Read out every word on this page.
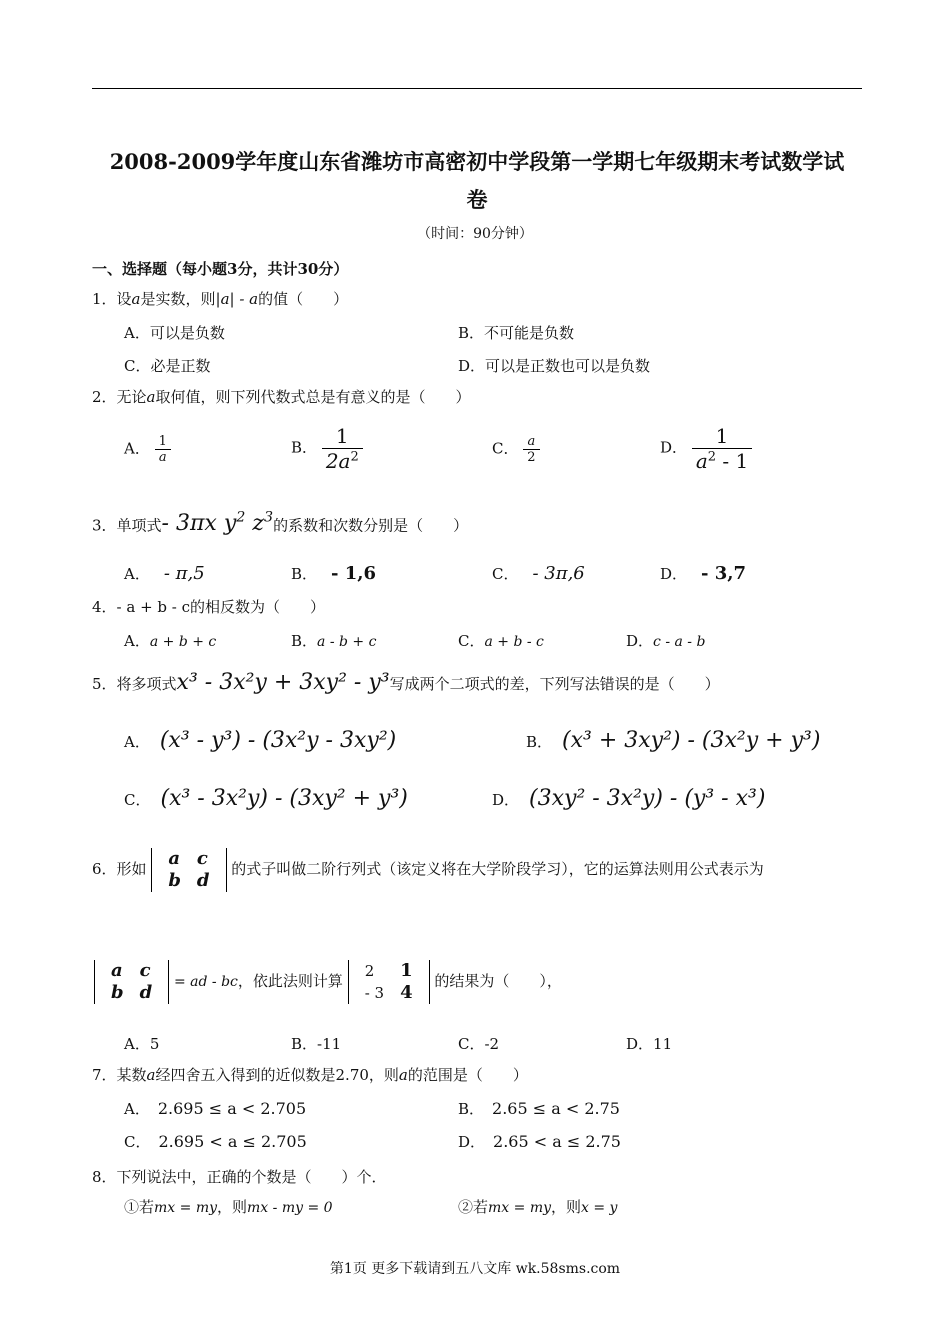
2008-2009学年度山东省潍坊市高密初中学段第一学期七年级期末考试数学试
卷
（时间：90分钟）
一、选择题（每小题3分，共计30分）
1．设a是实数，则|a| - a的值（　　）
A．可以是负数	B．不可能是负数
C．必是正数	D．可以是正数也可以是负数
2．无论a取何值，则下列代数式总是有意义的是（　　）
A． $\frac{1}{a}$	B． $\frac{1}{2a^2}$	C． $\frac{a}{2}$	D． $\frac{1}{a^2 - 1}$
3．单项式- 3πx $y^2$ $z^3$的系数和次数分别是（　　）
A． - π,5	B． - 1,6	C． - 3π,6	D． - 3,7
4．- a + b - c的相反数为（　　）
A．a + b + c	B．a - b + c	C．a + b - c	D．c - a - b
5．将多项式x³ - 3x²y + 3xy² - y³写成两个二项式的差，下列写法错误的是（　　）
A． (x³ - y³) - (3x²y - 3xy²)	B． (x³ + 3xy²) - (3x²y + y³)
C． (x³ - 3x²y) - (3xy² + y³)	D． (3xy² - 3x²y) - (y³ - x³)
6．形如 a	c
b	d
的式子叫做二阶行列式（该定义将在大学阶段学习），它的运算法则用公式表示为
a	c
b	d = ad - bc，依此法则计算
2	1
- 3	4
的结果为（　　），
A．5	B．-11	C．-2	D．11
7．某数a经四舍五入得到的近似数是2.70，则a的范围是（　　）
A． 2.695 ≤ a < 2.705	B． 2.65 ≤ a < 2.75
C． 2.695 < a ≤ 2.705	D． 2.65 < a ≤ 2.75
8．下列说法中，正确的个数是（　　）个．
①若mx = my，则mx - my = 0	②若mx = my，则x = y
第1页 更多下载请到五八文库 wk.58sms.com
